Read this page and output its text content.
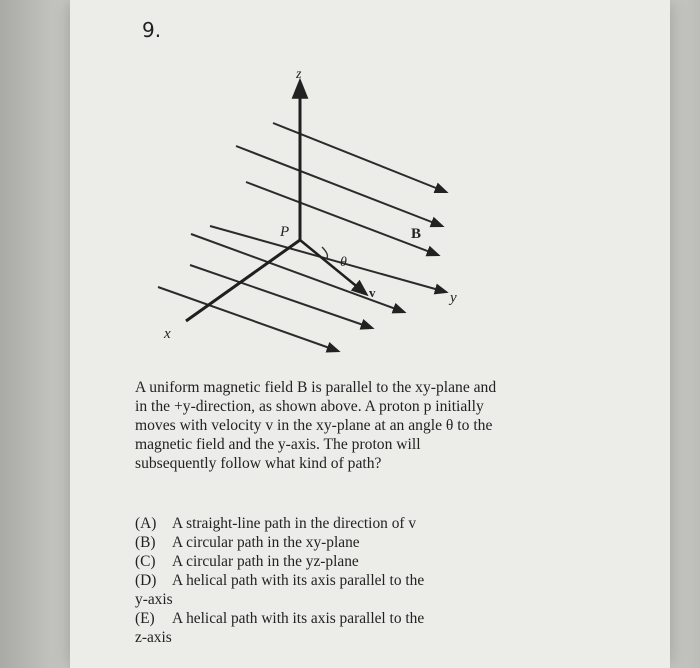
9.
z
x
y
B
P
v
θ
A uniform magnetic field B is parallel to the xy-plane and in the +y-direction, as shown above. A proton p initially moves with velocity v in the xy-plane at an angle θ to the magnetic field and the y-axis. The proton will subsequently follow what kind of path?
(A)	A straight-line path in the direction of v
(B)	A circular path in the xy-plane
(C)	A circular path in the yz-plane
(D)	A helical path with its axis parallel to the
y-axis
(E)	A helical path with its axis parallel to the
z-axis
